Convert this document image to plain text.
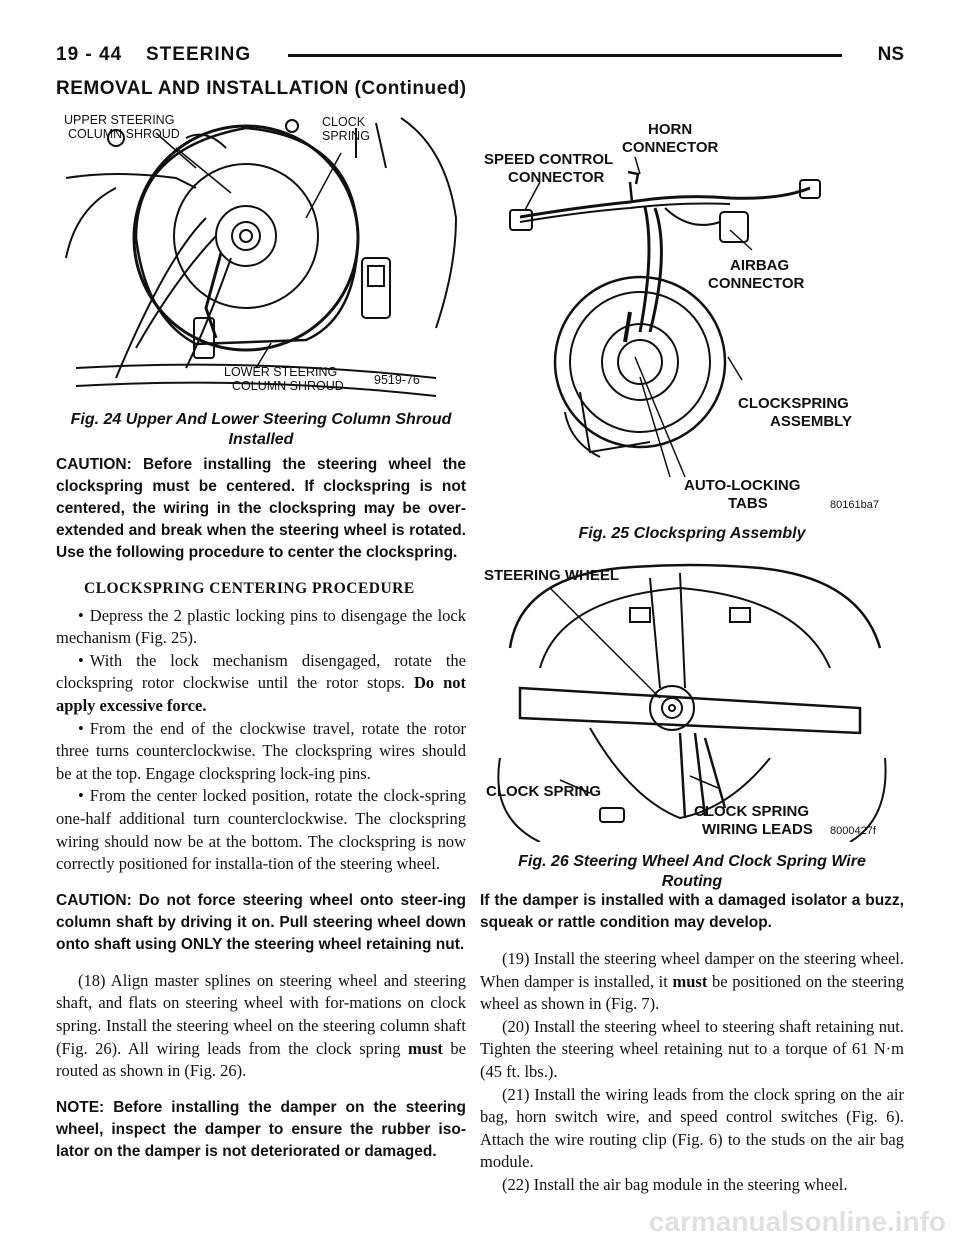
19 - 44 STEERING	NS
REMOVAL AND INSTALLATION (Continued)
UPPER STEERING
COLUMN SHROUD
CLOCK
SPRING
LOWER STEERING
COLUMN SHROUD 9519-76
Fig. 24 Upper And Lower Steering Column Shroud
Installed
HORN
CONNECTOR
SPEED CONTROL
CONNECTOR
AIRBAG
CONNECTOR
CLOCKSPRING
ASSEMBLY
AUTO-LOCKING
TABS	80161ba7
Fig. 25 Clockspring Assembly
STEERING WHEEL
CLOCK SPRING
CLOCK SPRING
WIRING LEADS 8000427f
Fig. 26 Steering Wheel And Clock Spring Wire
Routing

CAUTION: Before installing the steering wheel the clockspring must be centered. If clockspring is not centered, the wiring in the clockspring may be over-extended and break when the steering wheel is rotated. Use the following procedure to center the clockspring.

CLOCKSPRING CENTERING PROCEDURE

• Depress the 2 plastic locking pins to disengage the lock mechanism (Fig. 25).

• With the lock mechanism disengaged, rotate the clockspring rotor clockwise until the rotor stops. Do not apply excessive force.

• From the end of the clockwise travel, rotate the rotor three turns counterclockwise. The clockspring wires should be at the top. Engage clockspring lock-ing pins.

• From the center locked position, rotate the clock-spring one-half additional turn counterclockwise. The clockspring wiring should now be at the bottom. The clockspring is now correctly positioned for installa-tion of the steering wheel.

CAUTION: Do not force steering wheel onto steer-ing column shaft by driving it on. Pull steering wheel down onto shaft using ONLY the steering wheel retaining nut.

(18) Align master splines on steering wheel and steering shaft, and flats on steering wheel with for-mations on clock spring. Install the steering wheel on the steering column shaft (Fig. 26). All wiring leads from the clock spring must be routed as shown in (Fig. 26).

NOTE: Before installing the damper on the steering wheel, inspect the damper to ensure the rubber iso-lator on the damper is not deteriorated or damaged.

If the damper is installed with a damaged isolator a buzz, squeak or rattle condition may develop.

(19) Install the steering wheel damper on the steering wheel. When damper is installed, it must be positioned on the steering wheel as shown in (Fig. 7).

(20) Install the steering wheel to steering shaft retaining nut. Tighten the steering wheel retaining nut to a torque of 61 N·m (45 ft. lbs.).

(21) Install the wiring leads from the clock spring on the air bag, horn switch wire, and speed control switches (Fig. 6). Attach the wire routing clip (Fig. 6) to the studs on the air bag module.

(22) Install the air bag module in the steering wheel.

carmanualsonline.info
